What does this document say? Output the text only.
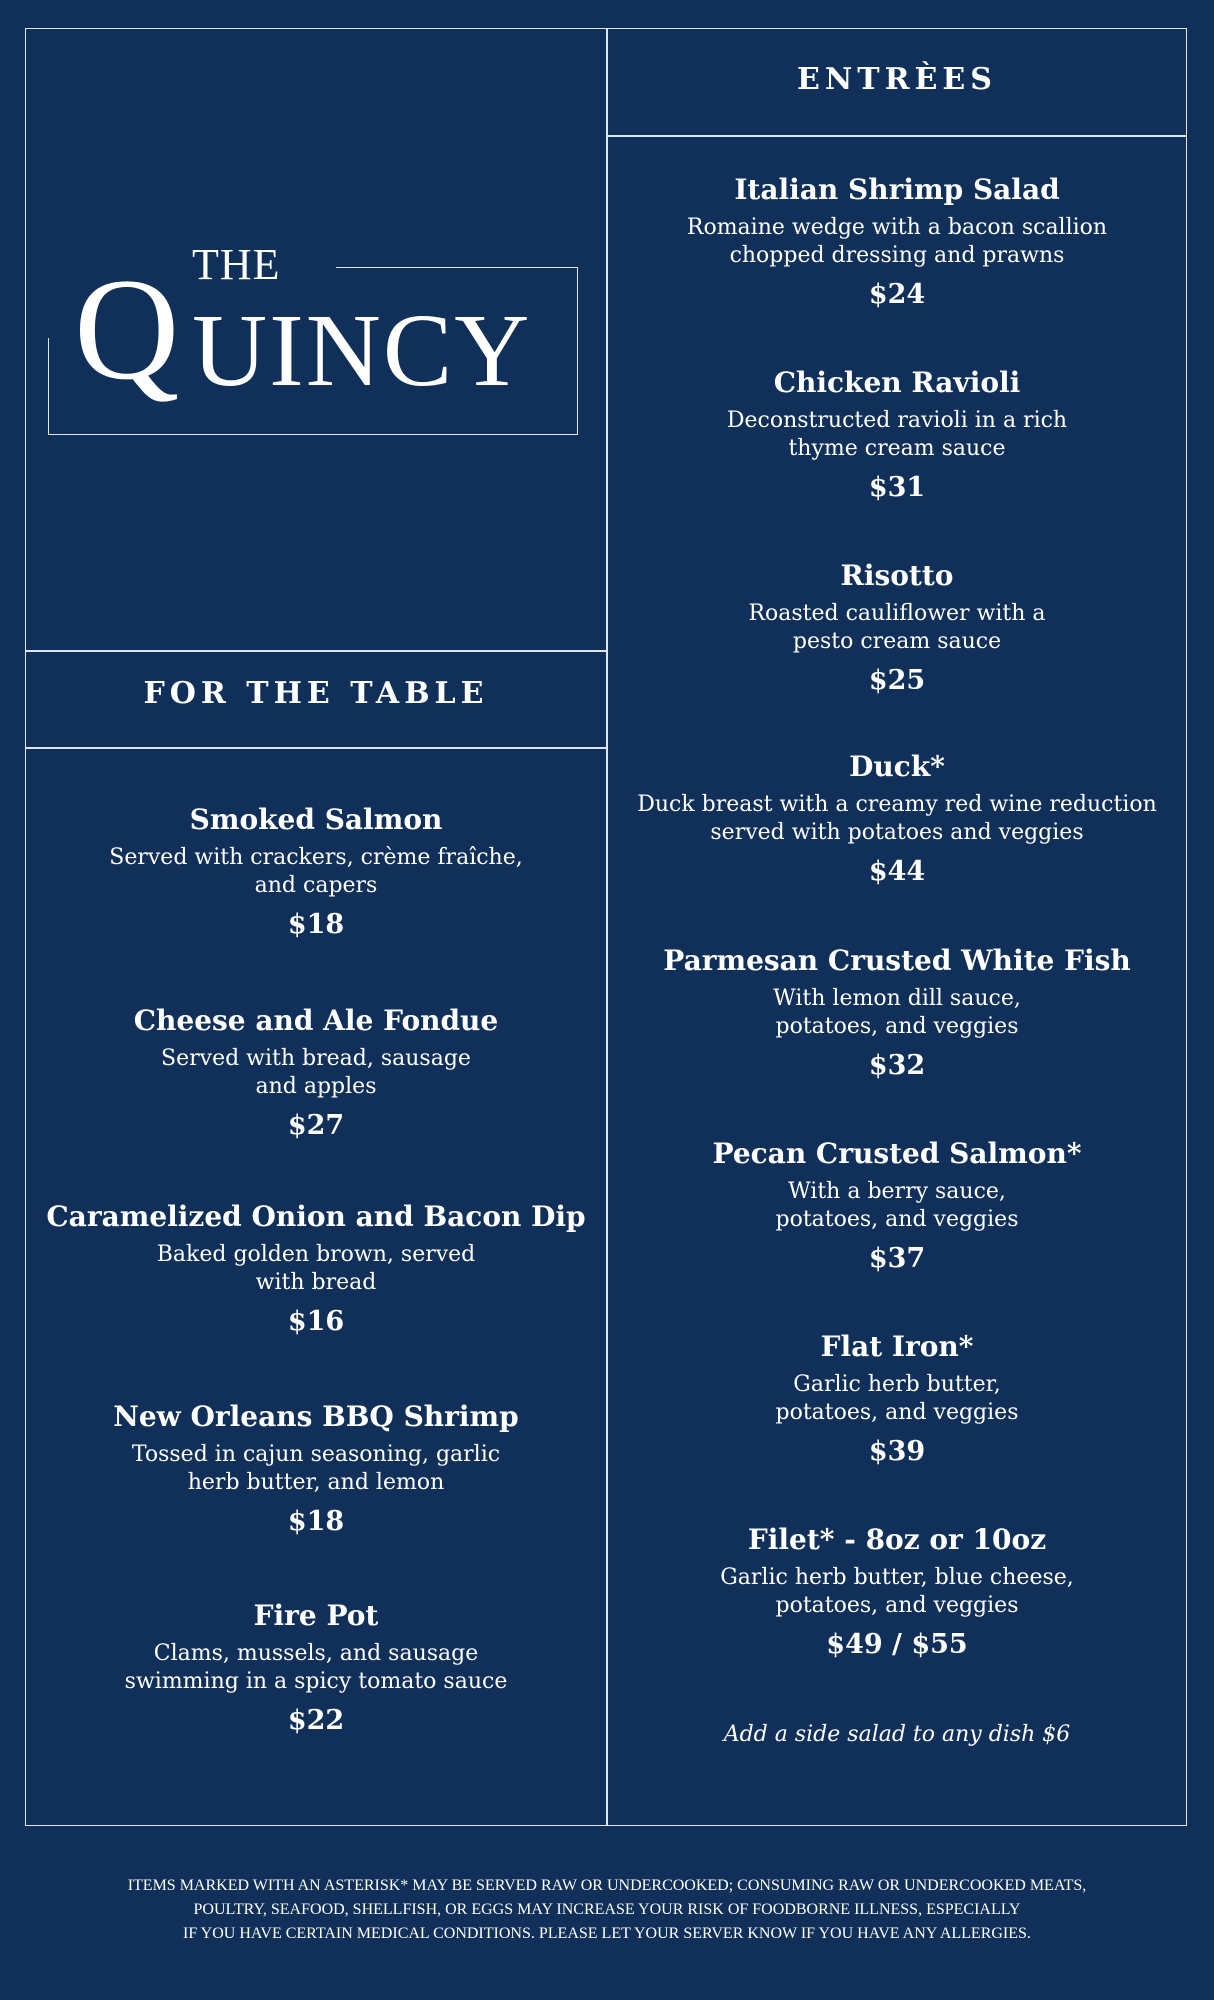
THE
Q UINCY
FOR THE TABLE
ENTRÈES
Smoked Salmon
Served with crackers, crème fraîche,
and capers
$18
Cheese and Ale Fondue
Served with bread, sausage
and apples
$27
Caramelized Onion and Bacon Dip
Baked golden brown, served
with bread
$16
New Orleans BBQ Shrimp
Tossed in cajun seasoning, garlic
herb butter, and lemon
$18
Fire Pot
Clams, mussels, and sausage
swimming in a spicy tomato sauce
$22
Italian Shrimp Salad
Romaine wedge with a bacon scallion
chopped dressing and prawns
$24
Chicken Ravioli
Deconstructed ravioli in a rich
thyme cream sauce
$31
Risotto
Roasted cauliflower with a
pesto cream sauce
$25
Duck*
Duck breast with a creamy red wine reduction
served with potatoes and veggies
$44
Parmesan Crusted White Fish
With lemon dill sauce,
potatoes, and veggies
$32
Pecan Crusted Salmon*
With a berry sauce,
potatoes, and veggies
$37
Flat Iron*
Garlic herb butter,
potatoes, and veggies
$39
Filet* - 8oz or 10oz
Garlic herb butter, blue cheese,
potatoes, and veggies
$49 / $55
Add a side salad to any dish $6
ITEMS MARKED WITH AN ASTERISK* MAY BE SERVED RAW OR UNDERCOOKED; CONSUMING RAW OR UNDERCOOKED MEATS,
POULTRY, SEAFOOD, SHELLFISH, OR EGGS MAY INCREASE YOUR RISK OF FOODBORNE ILLNESS, ESPECIALLY
IF YOU HAVE CERTAIN MEDICAL CONDITIONS. PLEASE LET YOUR SERVER KNOW IF YOU HAVE ANY ALLERGIES.
